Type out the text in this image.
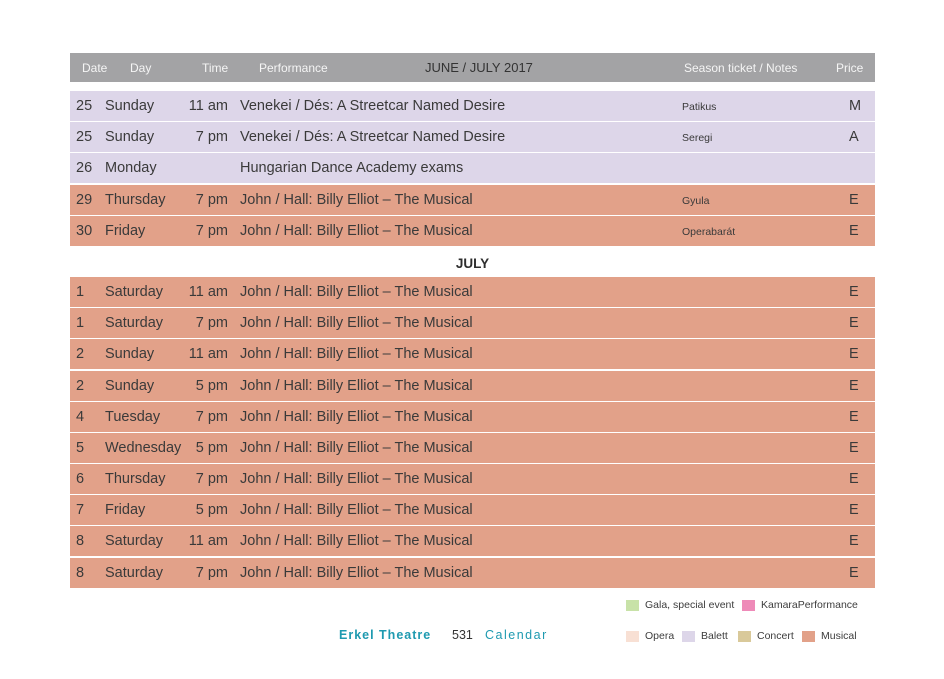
Date Day	Time	Performance	JUNE / JULY 2017	Season ticket / Notes	Price
25 Sunday 11 am Venekei / Dés: A Streetcar Named Desire	Patikus	M
25 Sunday	7 pm Venekei / Dés: A Streetcar Named Desire	Seregi	A
26 Monday	Hungarian Dance Academy exams
29 Thursday 7 pm John / Hall: Billy Elliot – The Musical	Gyula	E
30 Friday	7 pm John / Hall: Billy Elliot – The Musical	Operabarát	E
$_{JULY}$
1 Saturday 11 am John / Hall: Billy Elliot – The Musical	E
1 Saturday 7 pm John / Hall: Billy Elliot – The Musical	E
2 Sunday 11 am John / Hall: Billy Elliot – The Musical	E
2 Sunday	5 pm John / Hall: Billy Elliot – The Musical	E
4 Tuesday 7 pm John / Hall: Billy Elliot – The Musical	E
5 Wednesday 5 pm John / Hall: Billy Elliot – The Musical	E
6 Thursday 7 pm John / Hall: Billy Elliot – The Musical	E
7 Friday	5 pm John / Hall: Billy Elliot – The Musical	E
8 Saturday 11 am John / Hall: Billy Elliot – The Musical	E
8 Saturday 7 pm John / Hall: Billy Elliot – The Musical	E
Gala, special event	KamaraPerformance
Opera	Balett	Concert	Musical
Erkel Theatre 531 Calendar
